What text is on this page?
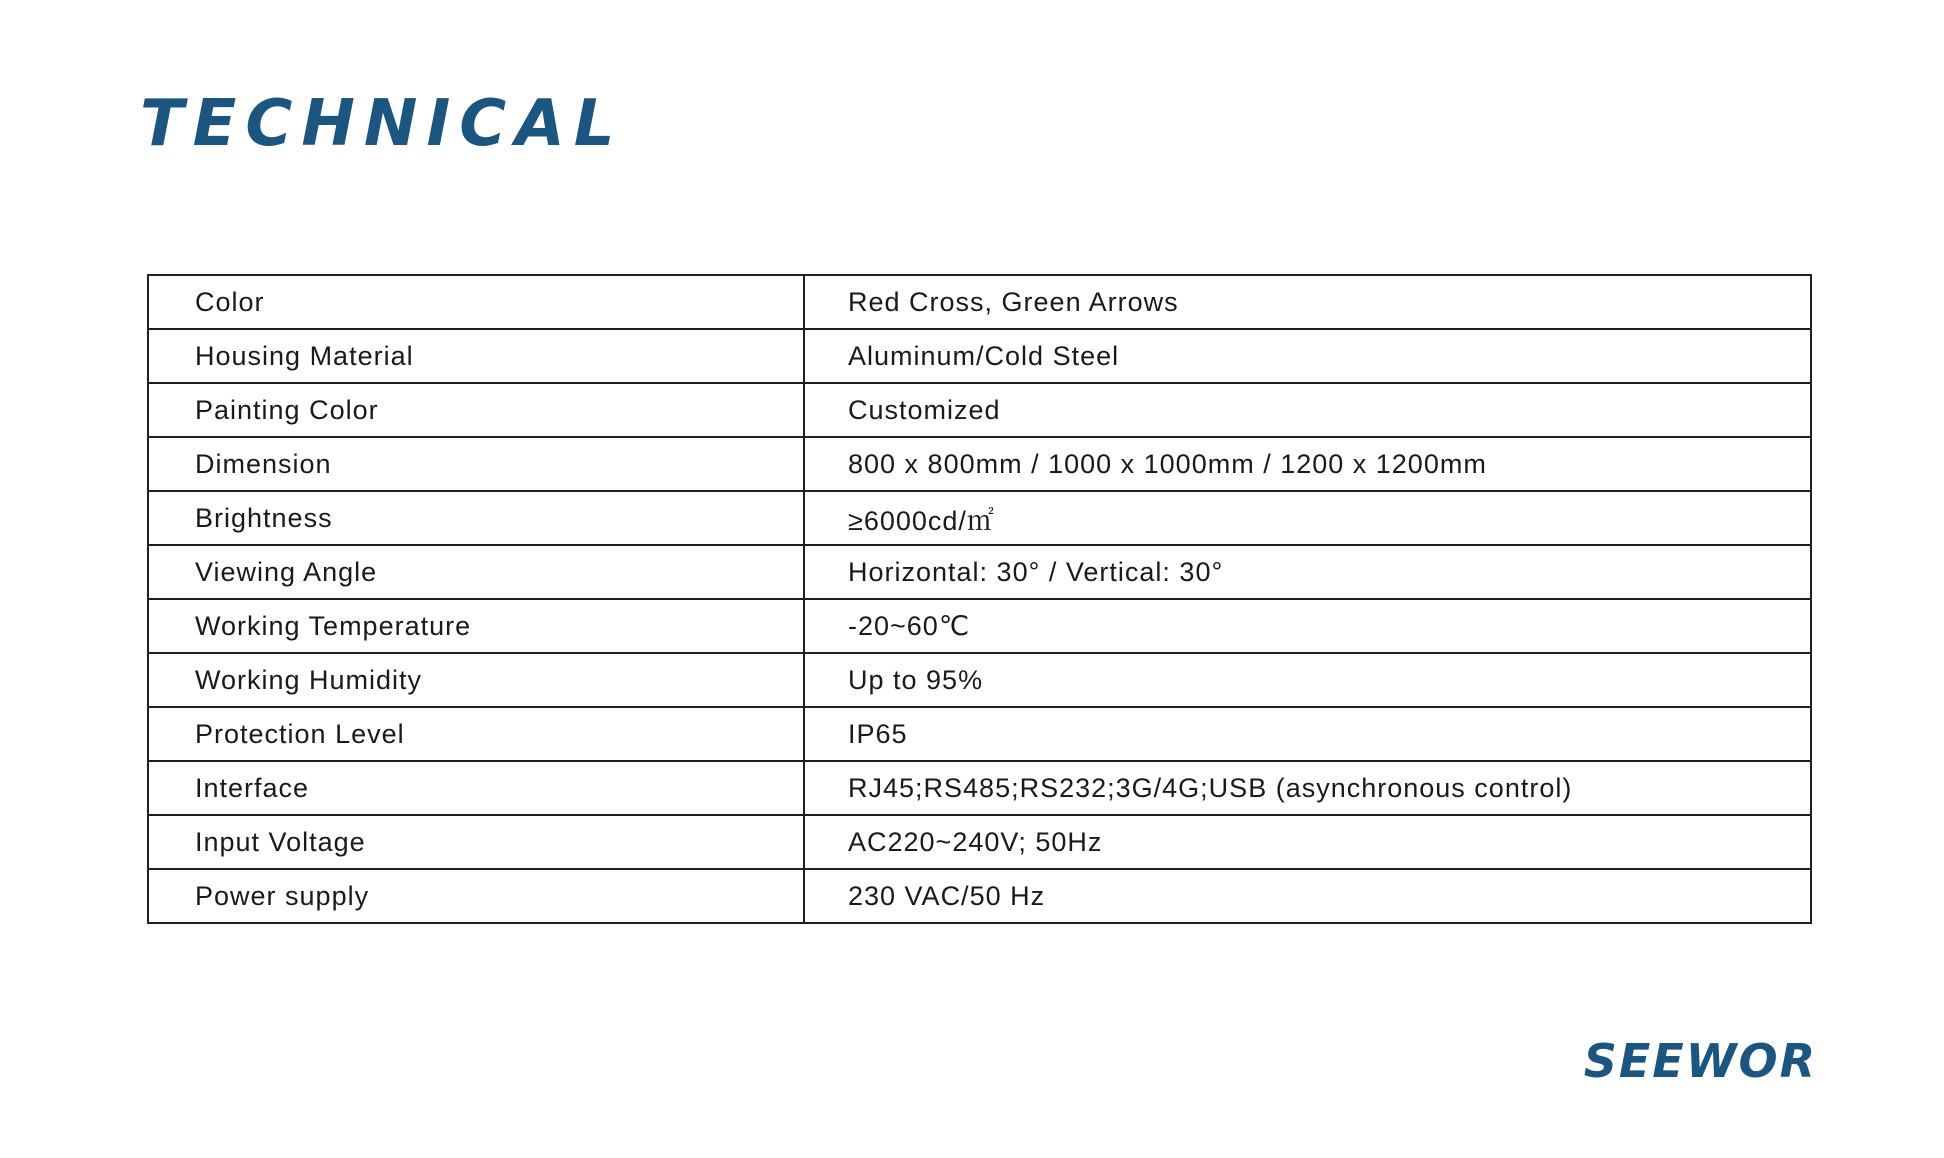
TECHNICAL
Color	Red Cross, Green Arrows
Housing Material	Aluminum/Cold Steel
Painting Color	Customized
Dimension	800 x 800mm / 1000 x 1000mm / 1200 x 1200mm
Brightness	≥6000cd/㎡
Viewing Angle	Horizontal: 30° / Vertical: 30°
Working Temperature	-20~60℃
Working Humidity	Up to 95%
Protection Level	IP65
Interface	RJ45;RS485;RS232;3G/4G;USB (asynchronous control)
Input Voltage	AC220~240V; 50Hz
Power supply	230 VAC/50 Hz
SEEWOR
